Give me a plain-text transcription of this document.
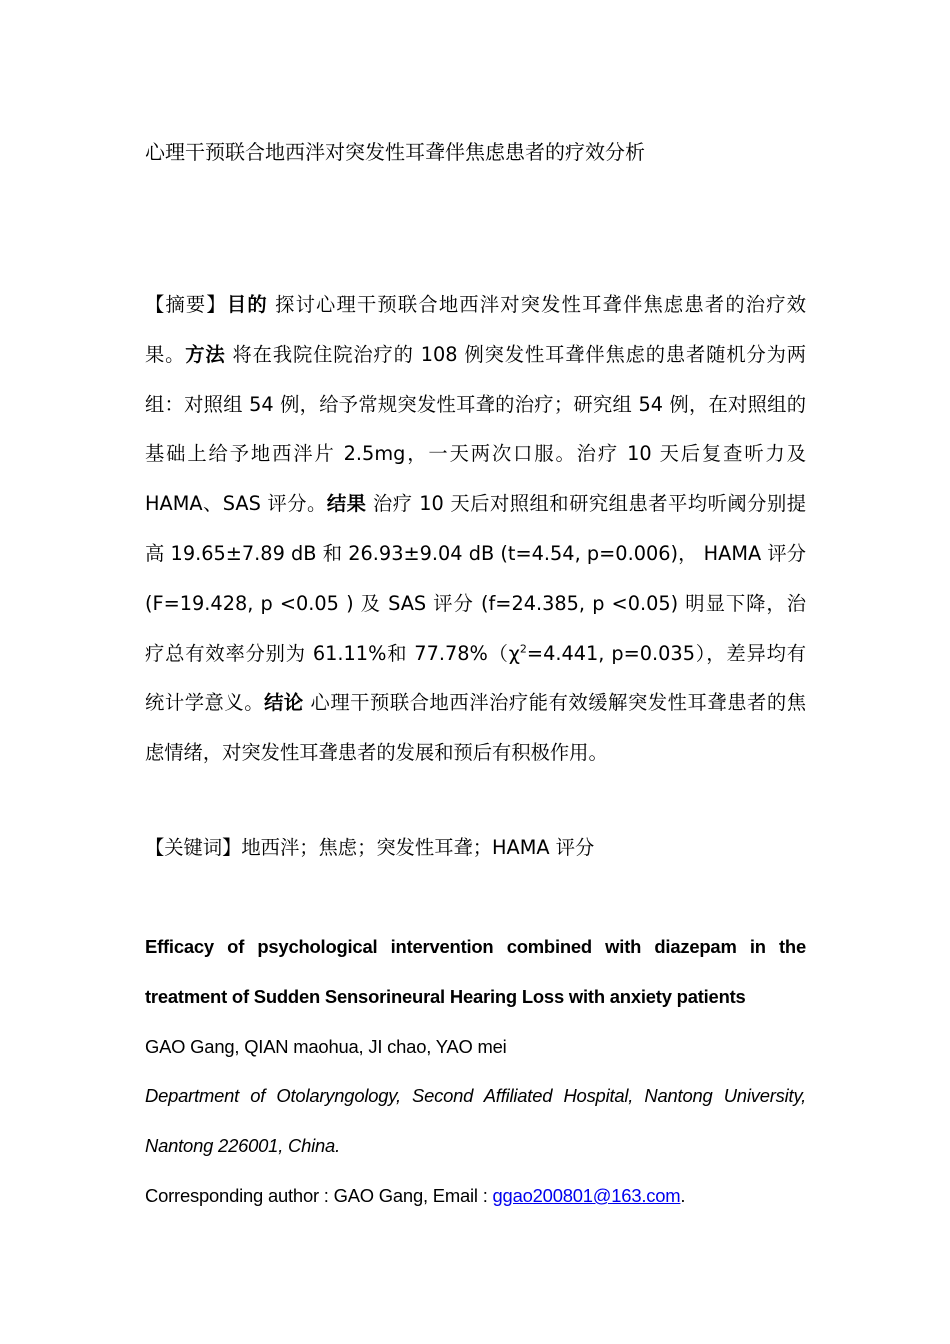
心理干预联合地西泮对突发性耳聋伴焦虑患者的疗效分析
【摘要】目的 探讨心理干预联合地西泮对突发性耳聋伴焦虑患者的治疗效果。方法 将在我院住院治疗的 108 例突发性耳聋伴焦虑的患者随机分为两组：对照组 54 例，给予常规突发性耳聋的治疗；研究组 54 例，在对照组的基础上给予地西泮片 2.5mg，一天两次口服。治疗 10 天后复查听力及 HAMA、SAS 评分。结果 治疗 10 天后对照组和研究组患者平均听阈分别提高 19.65±7.89 dB 和 26.93±9.04 dB (t=4.54, p=0.006)， HAMA 评分 (F=19.428, p <0.05 ) 及 SAS 评分 (f=24.385, p <0.05) 明显下降，治疗总有效率分别为 61.11%和 $77.78\%(\chi^2=4.441$, p=0.035），差异均有统计学意义。结论 心理干预联合地西泮治疗能有效缓解突发性耳聋患者的焦虑情绪，对突发性耳聋患者的发展和预后有积极作用。
【关键词】地西泮；焦虑；突发性耳聋；HAMA 评分
Efficacy of psychological intervention combined with diazepam in the treatment of Sudden Sensorineural Hearing Loss with anxiety patients
GAO Gang, QIAN maohua, JI chao, YAO mei
Department of Otolaryngology, Second Affiliated Hospital, Nantong University, Nantong 226001, China.
Corresponding author : GAO Gang, Email : ggao200801@163.com.
